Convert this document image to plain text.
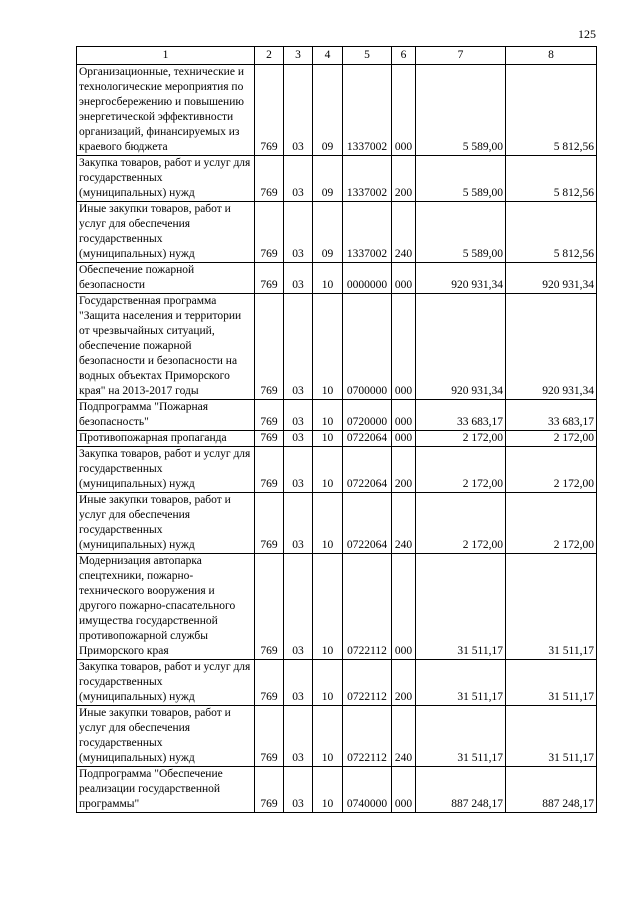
125
1	2	3	4	5	6	7	8
Организационные, технические и технологические мероприятия по энергосбережению и повышению энергетической эффективности организаций, финансируемых из краевого бюджета	769	03	09	1337002	000	5 589,00	5 812,56
Закупка товаров, работ и услуг для государственных (муниципальных) нужд	769	03	09	1337002	200	5 589,00	5 812,56
Иные закупки товаров, работ и услуг для обеспечения государственных (муниципальных) нужд	769	03	09	1337002	240	5 589,00	5 812,56
Обеспечение пожарной безопасности	769	03	10	0000000	000	920 931,34	920 931,34
Государственная программа "Защита населения и территории от чрезвычайных ситуаций, обеспечение пожарной безопасности и безопасности на водных объектах Приморского края" на 2013-2017 годы	769	03	10	0700000	000	920 931,34	920 931,34
Подпрограмма "Пожарная безопасность"	769	03	10	0720000	000	33 683,17	33 683,17
Противопожарная пропаганда	769	03	10	0722064	000	2 172,00	2 172,00
Закупка товаров, работ и услуг для государственных (муниципальных) нужд	769	03	10	0722064	200	2 172,00	2 172,00
Иные закупки товаров, работ и услуг для обеспечения государственных (муниципальных) нужд	769	03	10	0722064	240	2 172,00	2 172,00
Модернизация автопарка спецтехники, пожарно-технического вооружения и другого пожарно-спасательного имущества государственной противопожарной службы Приморского края	769	03	10	0722112	000	31 511,17	31 511,17
Закупка товаров, работ и услуг для государственных (муниципальных) нужд	769	03	10	0722112	200	31 511,17	31 511,17
Иные закупки товаров, работ и услуг для обеспечения государственных (муниципальных) нужд	769	03	10	0722112	240	31 511,17	31 511,17
Подпрограмма "Обеспечение реализации государственной программы"	769	03	10	0740000	000	887 248,17	887 248,17
